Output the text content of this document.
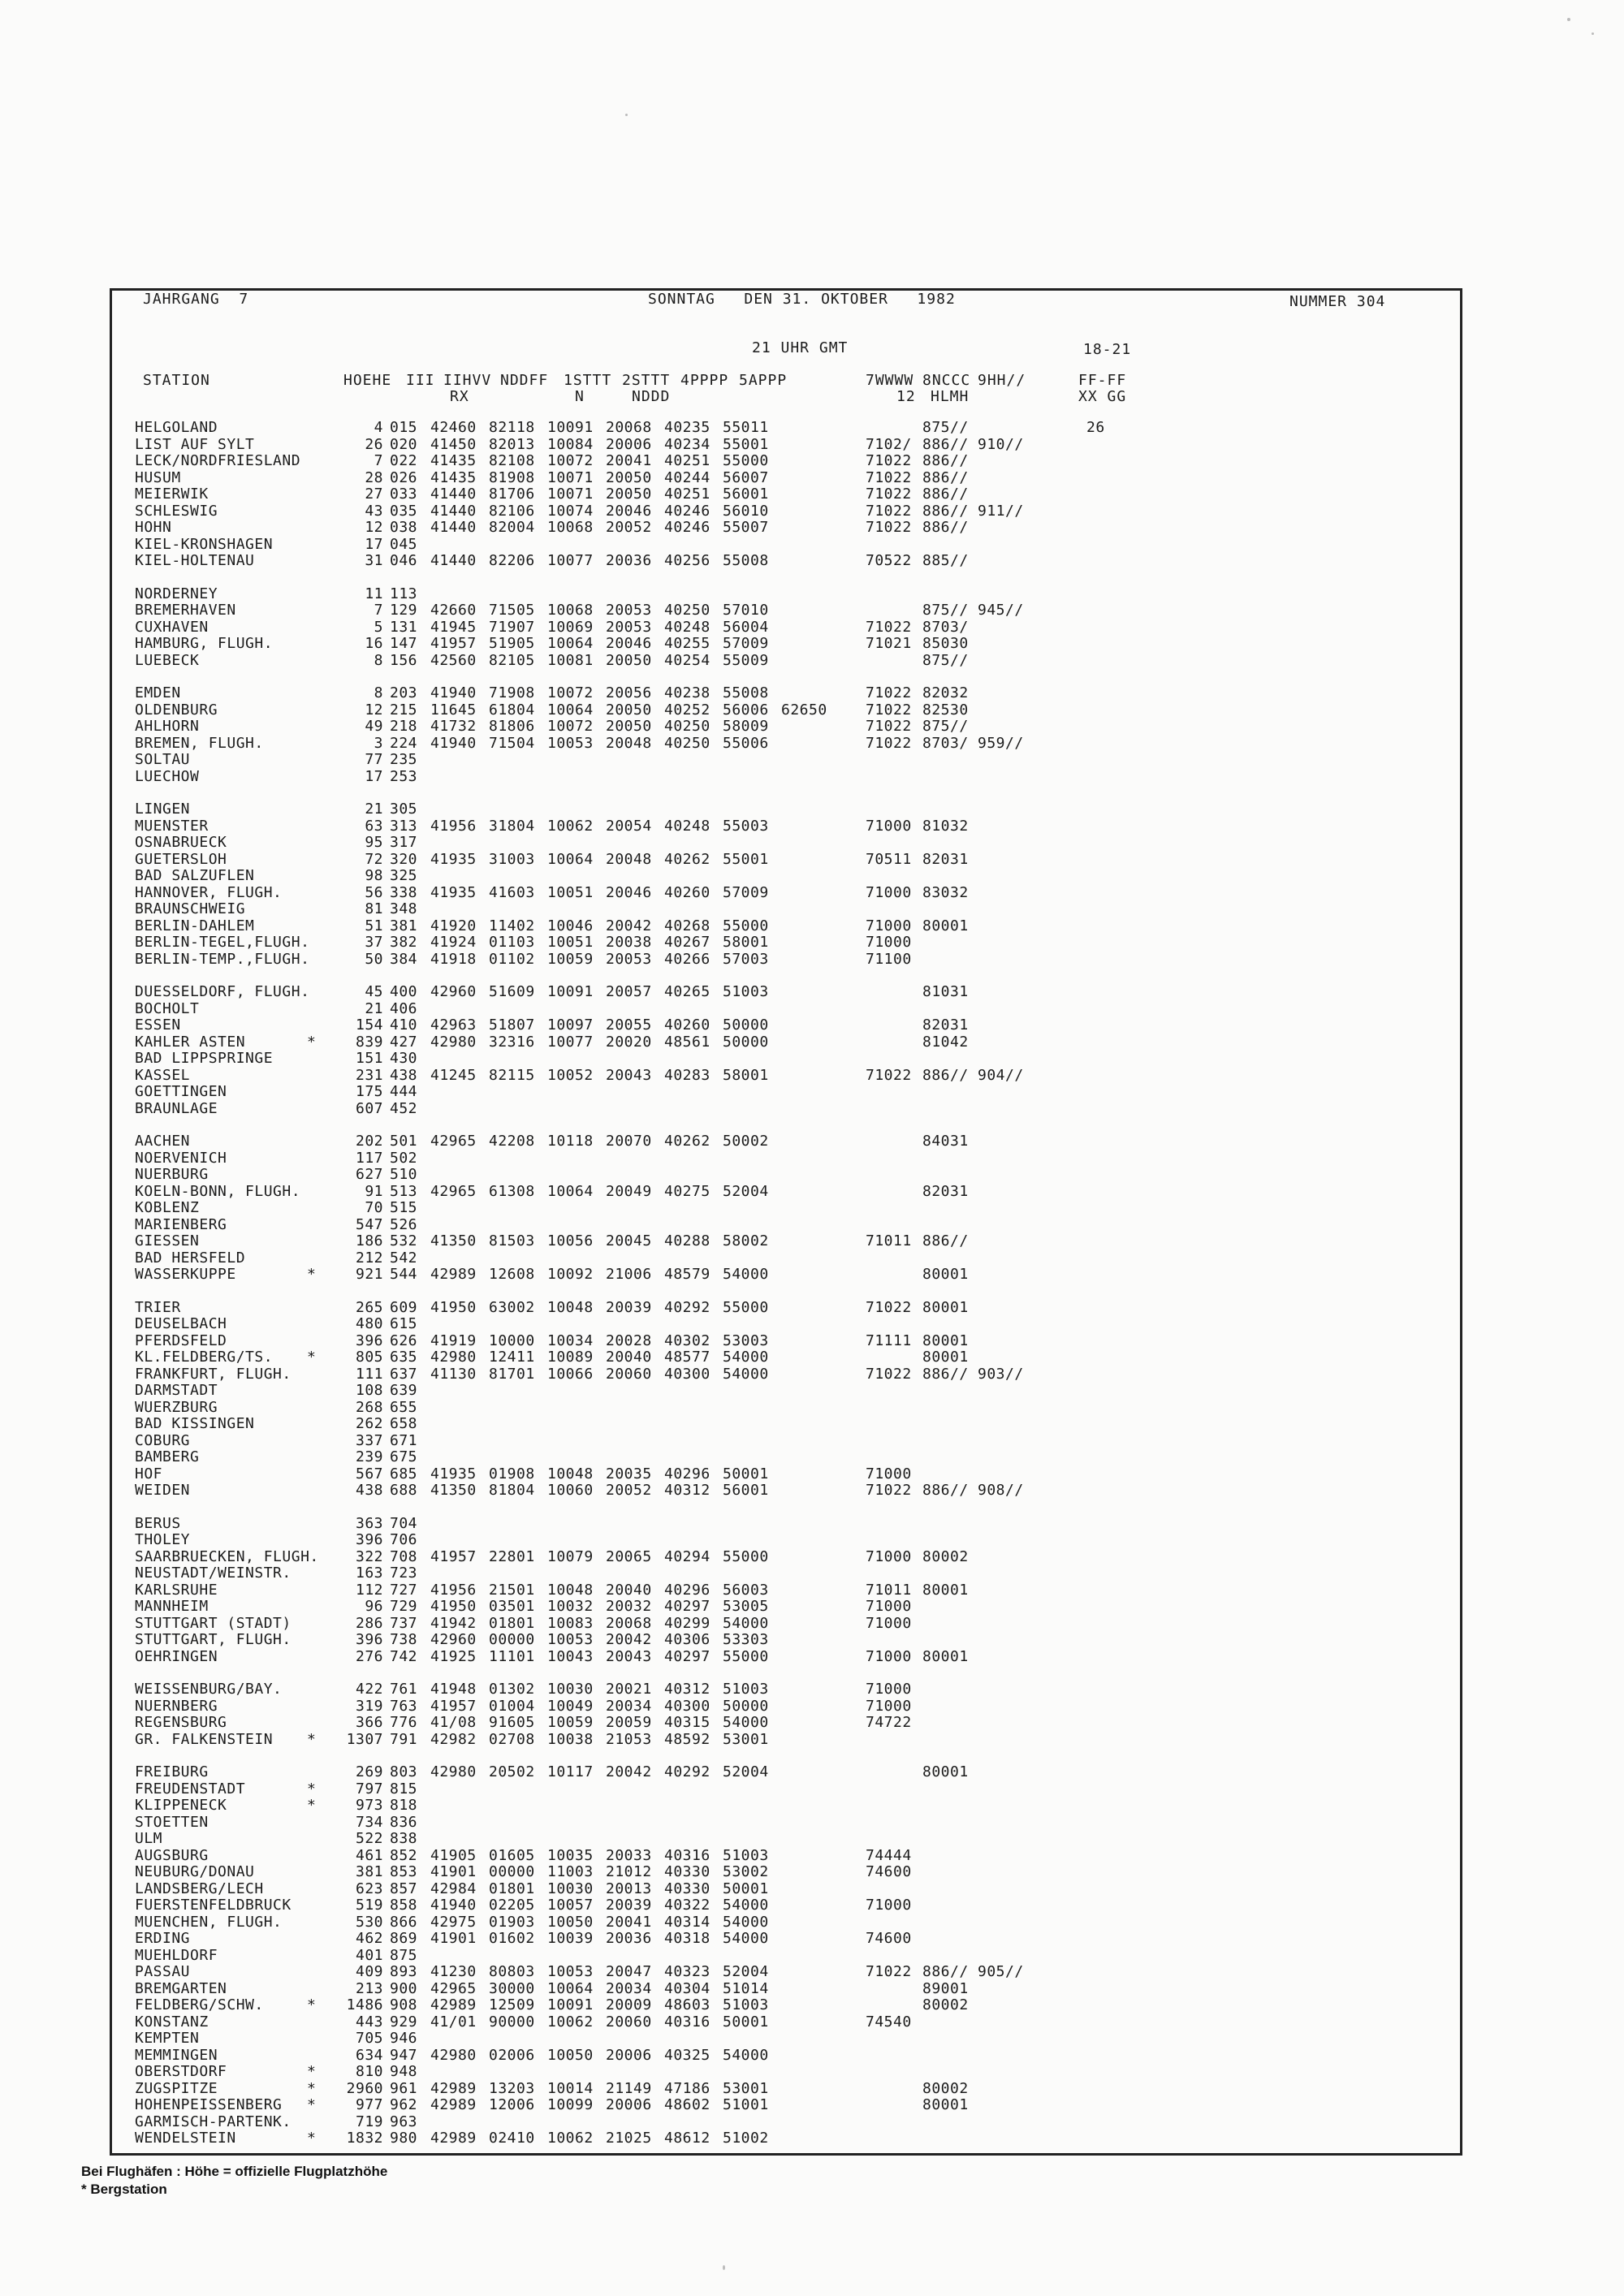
JAHRGANG  7	SONNTAG   DEN 31. OKTOBER   1982	NUMMER 304
21 UHR GMT	18-21
STATION	HOEHE III IIHVV NDDFF 1STTT 2STTT 4PPPP 5APPP	7WWWW 8NCCC 9HH//	FF-FF
RX	N	NDDD	12 HLMH	XX GG
HELGOLAND	4 015 42460 82118 10091 20068 40235 55011	875//	26
LIST AUF SYLT	26 020 41450 82013 10084 20006 40234 55001	7102/ 886// 910//
LECK/NORDFRIESLAND	7 022 41435 82108 10072 20041 40251 55000	71022 886//
HUSUM	28 026 41435 81908 10071 20050 40244 56007	71022 886//
MEIERWIK	27 033 41440 81706 10071 20050 40251 56001	71022 886//
SCHLESWIG	43 035 41440 82106 10074 20046 40246 56010	71022 886// 911//
HOHN	12 038 41440 82004 10068 20052 40246 55007	71022 886//
KIEL-KRONSHAGEN	17 045
KIEL-HOLTENAU	31 046 41440 82206 10077 20036 40256 55008	70522 885//
NORDERNEY	11 113
BREMERHAVEN	7 129 42660 71505 10068 20053 40250 57010	875// 945//
CUXHAVEN	5 131 41945 71907 10069 20053 40248 56004	71022 8703/
HAMBURG, FLUGH.	16 147 41957 51905 10064 20046 40255 57009	71021 85030
LUEBECK	8 156 42560 82105 10081 20050 40254 55009	875//
EMDEN	8 203 41940 71908 10072 20056 40238 55008	71022 82032
OLDENBURG	12 215 11645 61804 10064 20050 40252 56006 62650	71022 82530
AHLHORN	49 218 41732 81806 10072 20050 40250 58009	71022 875//
BREMEN, FLUGH.	3 224 41940 71504 10053 20048 40250 55006	71022 8703/ 959//
SOLTAU	77 235
LUECHOW	17 253
LINGEN	21 305
MUENSTER	63 313 41956 31804 10062 20054 40248 55003	71000 81032
OSNABRUECK	95 317
GUETERSLOH	72 320 41935 31003 10064 20048 40262 55001	70511 82031
BAD SALZUFLEN	98 325
HANNOVER, FLUGH.	56 338 41935 41603 10051 20046 40260 57009	71000 83032
BRAUNSCHWEIG	81 348
BERLIN-DAHLEM	51 381 41920 11402 10046 20042 40268 55000	71000 80001
BERLIN-TEGEL,FLUGH.	37 382 41924 01103 10051 20038 40267 58001	71000
BERLIN-TEMP.,FLUGH.	50 384 41918 01102 10059 20053 40266 57003	71100
DUESSELDORF, FLUGH.	45 400 42960 51609 10091 20057 40265 51003	81031
BOCHOLT	21 406
ESSEN	154 410 42963 51807 10097 20055 40260 50000	82031
KAHLER ASTEN	*	839 427 42980 32316 10077 20020 48561 50000	81042
BAD LIPPSPRINGE	151 430
KASSEL	231 438 41245 82115 10052 20043 40283 58001	71022 886// 904//
GOETTINGEN	175 444
BRAUNLAGE	607 452
AACHEN	202 501 42965 42208 10118 20070 40262 50002	84031
NOERVENICH	117 502
NUERBURG	627 510
KOELN-BONN, FLUGH.	91 513 42965 61308 10064 20049 40275 52004	82031
KOBLENZ	70 515
MARIENBERG	547 526
GIESSEN	186 532 41350 81503 10056 20045 40288 58002	71011 886//
BAD HERSFELD	212 542
WASSERKUPPE	*	921 544 42989 12608 10092 21006 48579 54000	80001
TRIER	265 609 41950 63002 10048 20039 40292 55000	71022 80001
DEUSELBACH	480 615
PFERDSFELD	396 626 41919 10000 10034 20028 40302 53003	71111 80001
KL.FELDBERG/TS.	*	805 635 42980 12411 10089 20040 48577 54000	80001
FRANKFURT, FLUGH.	111 637 41130 81701 10066 20060 40300 54000	71022 886// 903//
DARMSTADT	108 639
WUERZBURG	268 655
BAD KISSINGEN	262 658
COBURG	337 671
BAMBERG	239 675
HOF	567 685 41935 01908 10048 20035 40296 50001	71000
WEIDEN	438 688 41350 81804 10060 20052 40312 56001	71022 886// 908//
BERUS	363 704
THOLEY	396 706
SAARBRUECKEN, FLUGH.	322 708 41957 22801 10079 20065 40294 55000	71000 80002
NEUSTADT/WEINSTR.	163 723
KARLSRUHE	112 727 41956 21501 10048 20040 40296 56003	71011 80001
MANNHEIM	96 729 41950 03501 10032 20032 40297 53005	71000
STUTTGART (STADT)	286 737 41942 01801 10083 20068 40299 54000	71000
STUTTGART, FLUGH.	396 738 42960 00000 10053 20042 40306 53303
OEHRINGEN	276 742 41925 11101 10043 20043 40297 55000	71000 80001
WEISSENBURG/BAY.	422 761 41948 01302 10030 20021 40312 51003	71000
NUERNBERG	319 763 41957 01004 10049 20034 40300 50000	71000
REGENSBURG	366 776 41/08 91605 10059 20059 40315 54000	74722
GR. FALKENSTEIN	*	1307 791 42982 02708 10038 21053 48592 53001
FREIBURG	269 803 42980 20502 10117 20042 40292 52004	80001
FREUDENSTADT	*	797 815
KLIPPENECK	*	973 818
STOETTEN	734 836
ULM	522 838
AUGSBURG	461 852 41905 01605 10035 20033 40316 51003	74444
NEUBURG/DONAU	381 853 41901 00000 11003 21012 40330 53002	74600
LANDSBERG/LECH	623 857 42984 01801 10030 20013 40330 50001
FUERSTENFELDBRUCK	519 858 41940 02205 10057 20039 40322 54000	71000
MUENCHEN, FLUGH.	530 866 42975 01903 10050 20041 40314 54000
ERDING	462 869 41901 01602 10039 20036 40318 54000	74600
MUEHLDORF	401 875
PASSAU	409 893 41230 80803 10053 20047 40323 52004	71022 886// 905//
BREMGARTEN	213 900 42965 30000 10064 20034 40304 51014	89001
FELDBERG/SCHW.	*	1486 908 42989 12509 10091 20009 48603 51003	80002
KONSTANZ	443 929 41/01 90000 10062 20060 40316 50001	74540
KEMPTEN	705 946
MEMMINGEN	634 947 42980 02006 10050 20006 40325 54000
OBERSTDORF	*	810 948
ZUGSPITZE	*	2960 961 42989 13203 10014 21149 47186 53001	80002
HOHENPEISSENBERG	*	977 962 42989 12006 10099 20006 48602 51001	80001
GARMISCH-PARTENK.	719 963
WENDELSTEIN	*	1832 980 42989 02410 10062 21025 48612 51002
Bei Flughäfen : Höhe = offizielle Flugplatzhöhe
* Bergstation
